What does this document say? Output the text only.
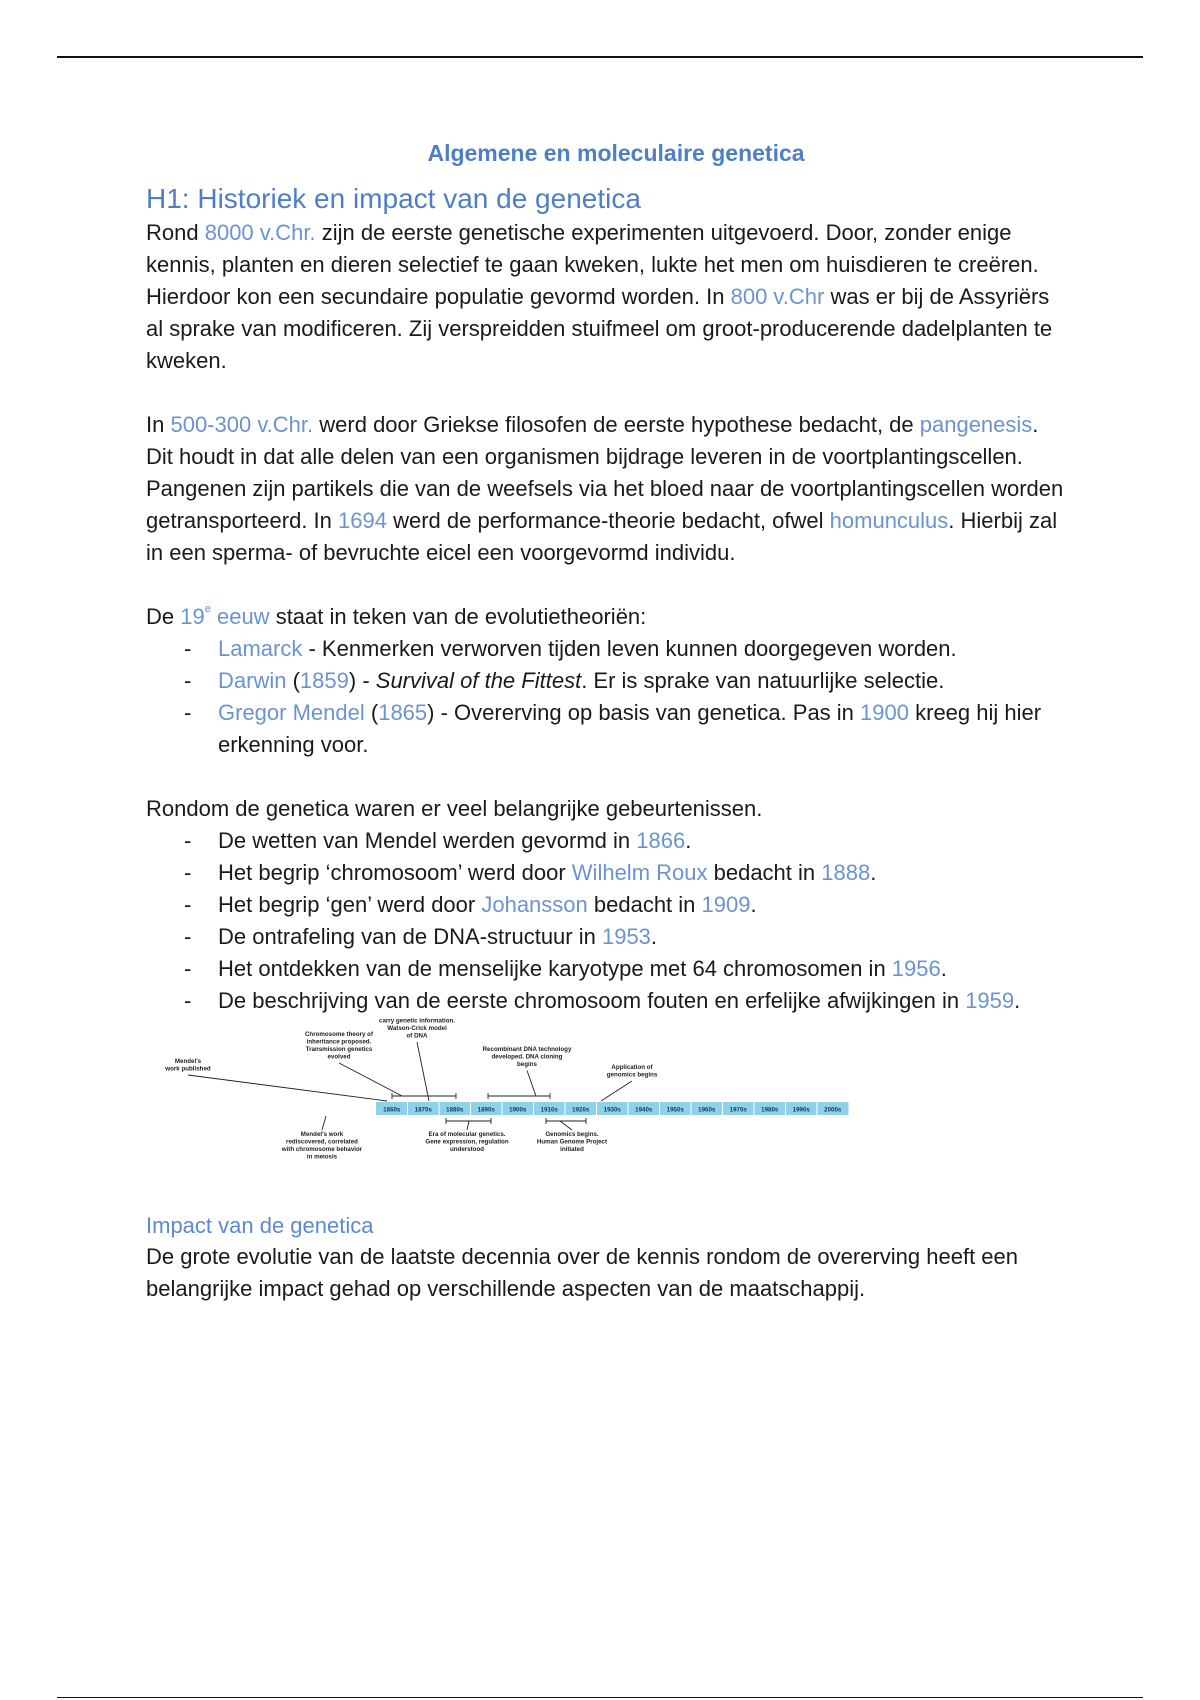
Algemene en moleculaire genetica
H1: Historiek en impact van de genetica

Rond 8000 v.Chr. zijn de eerste genetische experimenten uitgevoerd. Door, zonder enige kennis, planten en dieren selectief te gaan kweken, lukte het men om huisdieren te creëren. Hierdoor kon een secundaire populatie gevormd worden. In 800 v.Chr was er bij de Assyriërs al sprake van modificeren. Zij verspreidden stuifmeel om groot-producerende dadelplanten te kweken.

In 500-300 v.Chr. werd door Griekse filosofen de eerste hypothese bedacht, de pangenesis. Dit houdt in dat alle delen van een organismen bijdrage leveren in de voortplantingscellen. Pangenen zijn partikels die van de weefsels via het bloed naar de voortplantingscellen worden getransporteerd. In 1694 werd de performance-theorie bedacht, ofwel homunculus. Hierbij zal in een sperma- of bevruchte eicel een voorgevormd individu.

De 19e eeuw staat in teken van de evolutietheoriën:

- Lamarck - Kenmerken verworven tijden leven kunnen doorgegeven worden.
- Darwin (1859) - Survival of the Fittest. Er is sprake van natuurlijke selectie.
- Gregor Mendel (1865) - Overerving op basis van genetica. Pas in 1900 kreeg hij hier erkenning voor.

Rondom de genetica waren er veel belangrijke gebeurtenissen.

- De wetten van Mendel werden gevormd in 1866.
- Het begrip ‘chromosoom’ werd door Wilhelm Roux bedacht in 1888.
- Het begrip ‘gen’ werd door Johansson bedacht in 1909.
- De ontrafeling van de DNA-structuur in 1953.
- Het ontdekken van de menselijke karyotype met 64 chromosomen in 1956.
- De beschrijving van de eerste chromosoom fouten en erfelijke afwijkingen in 1959.
1860s 1870s 1880s 1890s 1900s 1910s 1920s 1930s 1940s 1950s 1960s 1970s 1980s 1990s 2000s
Mendel's
work published
Chromosome theory of
inheritance proposed.
Transmission genetics
evolved
carry genetic information.
Watson-Crick model
of DNA
Recombinant DNA technology
developed. DNA cloning
begins	Application of
genomics begins
Mendel's work
rediscovered, correlated
with chromosome behavior
in meiosis
Era of molecular genetics.
Gene expression, regulation
understood
Genomics begins.
Human Genome Project
initiated
Impact van de genetica

De grote evolutie van de laatste decennia over de kennis rondom de overerving heeft een belangrijke impact gehad op verschillende aspecten van de maatschappij.
